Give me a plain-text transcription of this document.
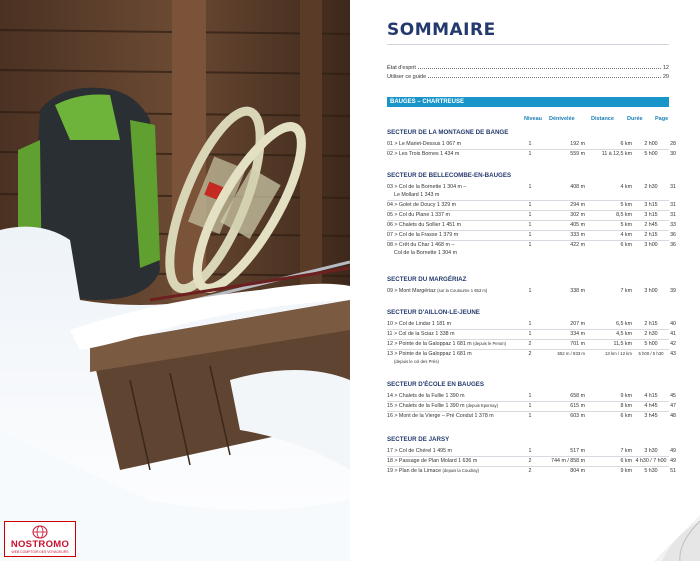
NOSTROMO
WEB COMPTOIR DES VOYAGEURS
SOMMAIRE
État d'esprit	12
Utiliser ce guide	20
BAUGES – CHARTREUSE
Niveau Dénivelée	Distance Durée Page
SECTEUR DE LA MONTAGNE DE BANGE
01 > Le Mariet-Dessus 1 067 m	1	192 m	6 km	2 h00	28
02 > Les Trois Bornes 1 434 m	1	559 m	11 à 12,5 km	5 h00	30
SECTEUR DE BELLECOMBE-EN-BAUGES
03 > Col de la Bornette 1 304 m –	1	408 m	4 km	2 h30	31
Le Mollard 1 343 m
04 > Golet de Doucy 1 329 m	1	294 m	5 km	3 h15	31
05 > Col du Plane 1 337 m	1	302 m	8,5 km	3 h15	31
06 > Chalets du Sollier 1 451 m	1	405 m	5 km	2 h45	33
07 > Col de la Frasse 1 379 m	1	333 m	4 km	2 h15	36
08 > Crêt du Char 1 468 m –	1	422 m	6 km	3 h00	36
Col de la Bornette 1 304 m
SECTEUR DU MARGÉRIAZ
09 > Mont Margériaz (sur la Coutourne 1 653 m)	1	338 m	7 km	3 h00	39
SECTEUR D'AILLON-LE-JEUNE
10 > Col de Lindar 1 181 m	1	207 m	6,5 km	2 h15	40
11 > Col de la Sciaz 1 338 m	1	334 m	4,5 km	2 h30	41
12 > Pointe de la Galoppaz 1 681 m (depuis le Penon)	2	701 m	11,5 km	5 h00	42
13 > Pointe de la Galoppaz 1 681 m	2	552 m / 833 m	13 km / 12 km	5 h00 / 5 h30	43
(depuis le col des Prés)
SECTEUR D'ÉCOLE EN BAUGES
14 > Chalets de la Fullie 1 390 m	1	658 m	9 km	4 h15	45
15 > Chalets de la Fullie 1 390 m (depuis Epernay)	1	615 m	8 km	4 h45	47
16 > Mont de la Vierge – Pré Condut 1 378 m	1	603 m	6 km	3 h45	48
SECTEUR DE JARSY
17 > Col de Chérel 1 495 m	1	517 m	7 km	3 h30	49
18 > Passage de Plan Molard 1 636 m	2	744 m / 858 m	6 km 4 h30 / 7 h00 49
19 > Plan de la Limace (depuis la Coudray)	2	804 m	9 km	5 h30	51
